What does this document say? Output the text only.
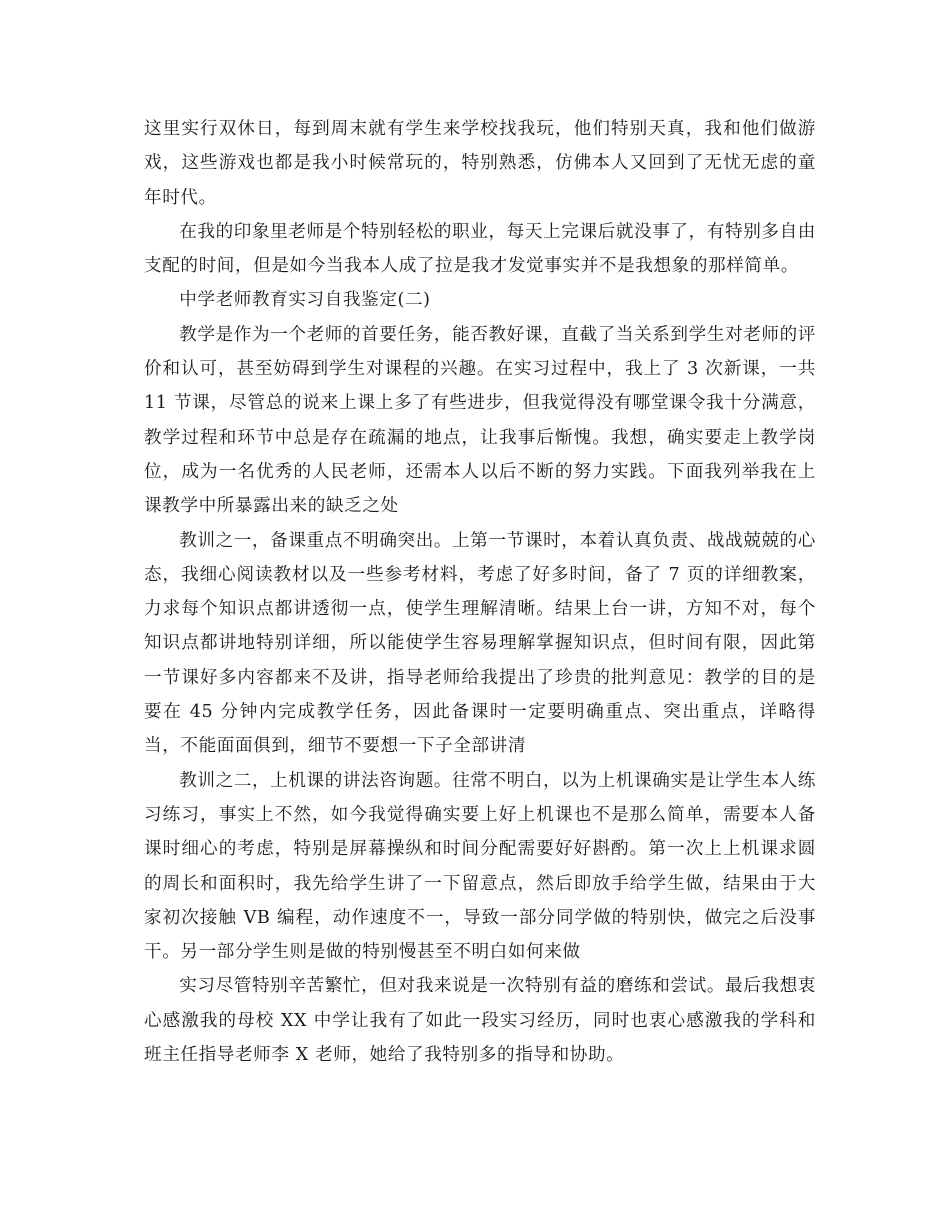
这里实行双休日，每到周末就有学生来学校找我玩，他们特别天真，我和他们做游戏，这些游戏也都是我小时候常玩的，特别熟悉，仿佛本人又回到了无忧无虑的童年时代。

在我的印象里老师是个特别轻松的职业，每天上完课后就没事了，有特别多自由支配的时间，但是如今当我本人成了拉是我才发觉事实并不是我想象的那样简单。

中学老师教育实习自我鉴定(二)

教学是作为一个老师的首要任务，能否教好课，直截了当关系到学生对老师的评价和认可，甚至妨碍到学生对课程的兴趣。在实习过程中，我上了 3 次新课，一共 11 节课，尽管总的说来上课上多了有些进步，但我觉得没有哪堂课令我十分满意，教学过程和环节中总是存在疏漏的地点，让我事后惭愧。我想，确实要走上教学岗位，成为一名优秀的人民老师，还需本人以后不断的努力实践。下面我列举我在上课教学中所暴露出来的缺乏之处

教训之一，备课重点不明确突出。上第一节课时，本着认真负责、战战兢兢的心态，我细心阅读教材以及一些参考材料，考虑了好多时间，备了 7 页的详细教案，力求每个知识点都讲透彻一点，使学生理解清晰。结果上台一讲，方知不对，每个知识点都讲地特别详细，所以能使学生容易理解掌握知识点，但时间有限，因此第一节课好多内容都来不及讲，指导老师给我提出了珍贵的批判意见：教学的目的是要在 45 分钟内完成教学任务，因此备课时一定要明确重点、突出重点，详略得当，不能面面俱到，细节不要想一下子全部讲清

教训之二，上机课的讲法咨询题。往常不明白，以为上机课确实是让学生本人练习练习，事实上不然，如今我觉得确实要上好上机课也不是那么简单，需要本人备课时细心的考虑，特别是屏幕操纵和时间分配需要好好斟酌。第一次上上机课求圆的周长和面积时，我先给学生讲了一下留意点，然后即放手给学生做，结果由于大家初次接触 VB 编程，动作速度不一，导致一部分同学做的特别快，做完之后没事干。另一部分学生则是做的特别慢甚至不明白如何来做

实习尽管特别辛苦繁忙，但对我来说是一次特别有益的磨练和尝试。最后我想衷心感激我的母校 XX 中学让我有了如此一段实习经历，同时也衷心感激我的学科和班主任指导老师李 X 老师，她给了我特别多的指导和协助。
